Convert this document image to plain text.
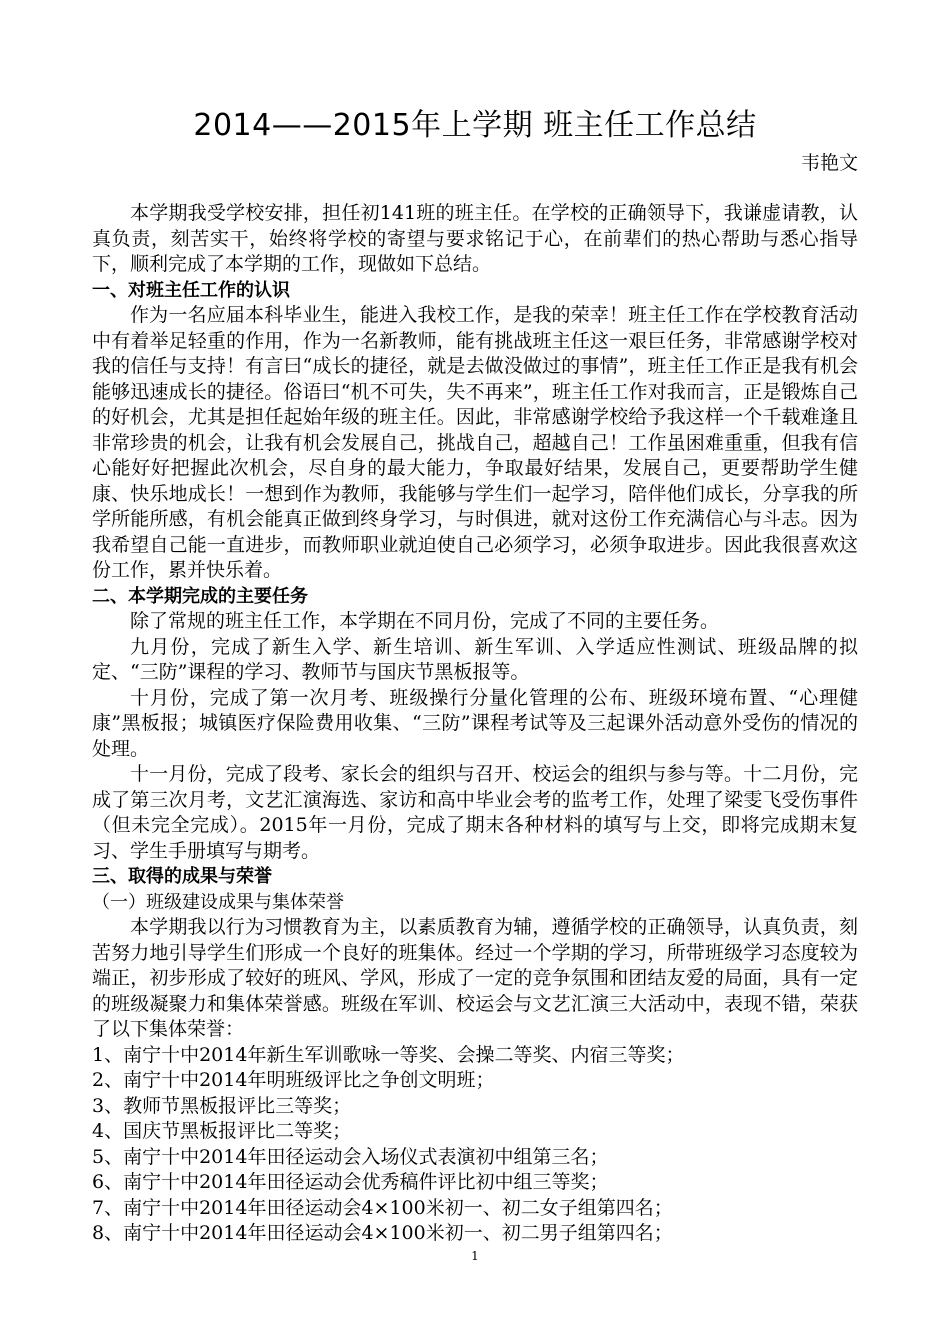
2014——2015年上学期 班主任工作总结
韦艳文

本学期我受学校安排，担任初141班的班主任。在学校的正确领导下，我谦虚请教，认真负责，刻苦实干，始终将学校的寄望与要求铭记于心，在前辈们的热心帮助与悉心指导下，顺利完成了本学期的工作，现做如下总结。

一、对班主任工作的认识

作为一名应届本科毕业生，能进入我校工作，是我的荣幸！班主任工作在学校教育活动中有着举足轻重的作用，作为一名新教师，能有挑战班主任这一艰巨任务，非常感谢学校对我的信任与支持！有言曰“成长的捷径，就是去做没做过的事情”，班主任工作正是我有机会能够迅速成长的捷径。俗语曰“机不可失，失不再来”，班主任工作对我而言，正是锻炼自己的好机会，尤其是担任起始年级的班主任。因此，非常感谢学校给予我这样一个千载难逢且非常珍贵的机会，让我有机会发展自己，挑战自己，超越自己！工作虽困难重重，但我有信心能好好把握此次机会，尽自身的最大能力，争取最好结果，发展自己，更要帮助学生健康、快乐地成长！一想到作为教师，我能够与学生们一起学习，陪伴他们成长，分享我的所学所能所感，有机会能真正做到终身学习，与时俱进，就对这份工作充满信心与斗志。因为我希望自己能一直进步，而教师职业就迫使自己必须学习，必须争取进步。因此我很喜欢这份工作，累并快乐着。

二、本学期完成的主要任务

除了常规的班主任工作，本学期在不同月份，完成了不同的主要任务。

九月份，完成了新生入学、新生培训、新生军训、入学适应性测试、班级品牌的拟定、“三防”课程的学习、教师节与国庆节黑板报等。

十月份，完成了第一次月考、班级操行分量化管理的公布、班级环境布置、“心理健康”黑板报；城镇医疗保险费用收集、“三防”课程考试等及三起课外活动意外受伤的情况的处理。

十一月份，完成了段考、家长会的组织与召开、校运会的组织与参与等。十二月份，完成了第三次月考，文艺汇演海选、家访和高中毕业会考的监考工作，处理了梁雯飞受伤事件（但未完全完成）。2015年一月份，完成了期末各种材料的填写与上交，即将完成期末复习、学生手册填写与期考。

三、取得的成果与荣誉
（一）班级建设成果与集体荣誉

本学期我以行为习惯教育为主，以素质教育为辅，遵循学校的正确领导，认真负责，刻苦努力地引导学生们形成一个良好的班集体。经过一个学期的学习，所带班级学习态度较为端正，初步形成了较好的班风、学风，形成了一定的竞争氛围和团结友爱的局面，具有一定的班级凝聚力和集体荣誉感。班级在军训、校运会与文艺汇演三大活动中，表现不错，荣获了以下集体荣誉：

1、南宁十中2014年新生军训歌咏一等奖、会操二等奖、内宿三等奖；
2、南宁十中2014年明班级评比之争创文明班；
3、教师节黑板报评比三等奖；
4、国庆节黑板报评比二等奖；
5、南宁十中2014年田径运动会入场仪式表演初中组第三名；
6、南宁十中2014年田径运动会优秀稿件评比初中组三等奖；
7、南宁十中2014年田径运动会4×100米初一、初二女子组第四名；
8、南宁十中2014年田径运动会4×100米初一、初二男子组第四名；
1
